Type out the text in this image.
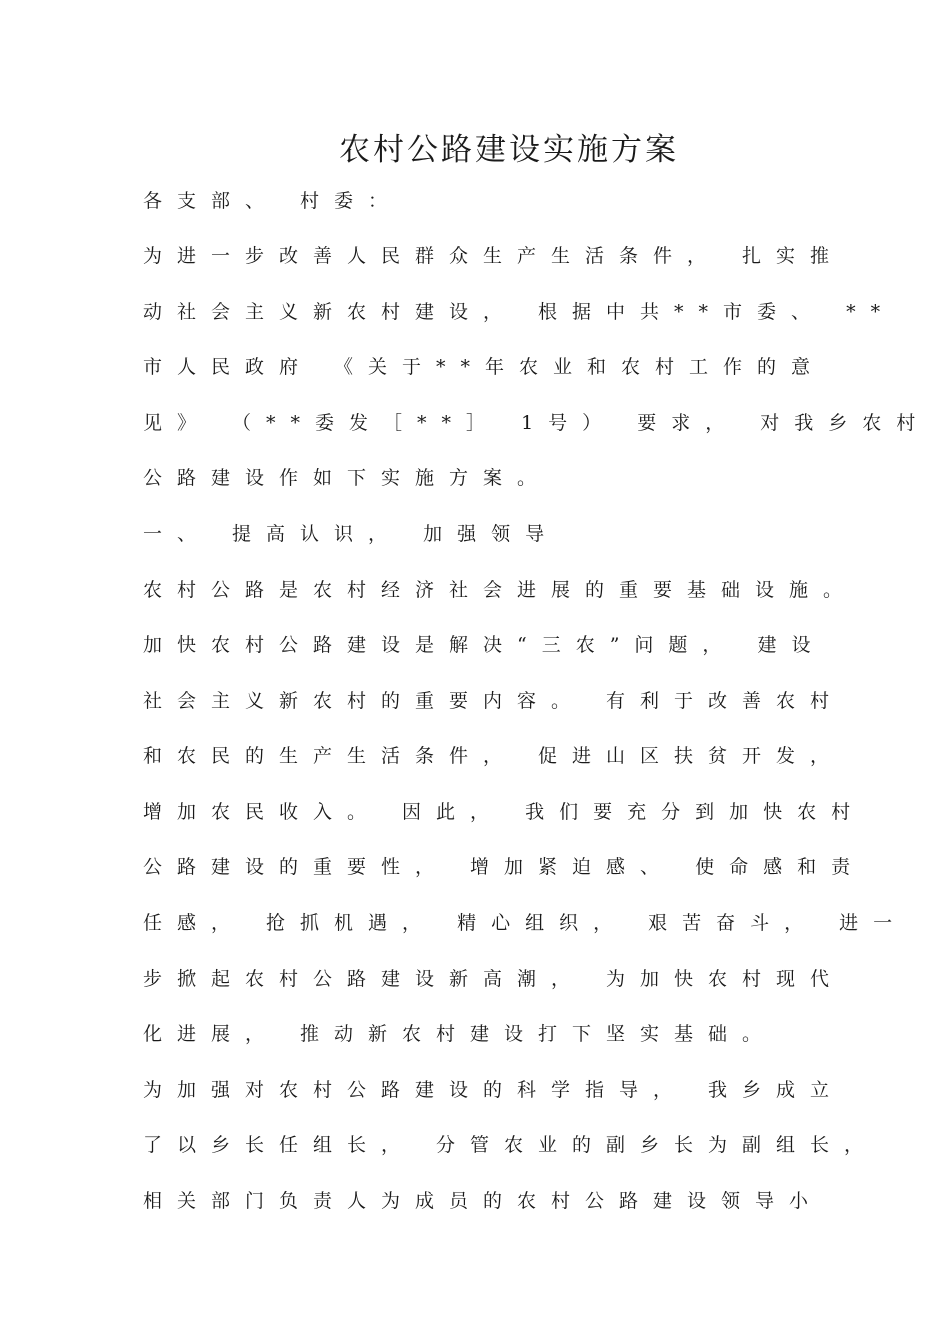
农村公路建设实施方案

各支部、 村委：

为进一步改善人民群众生产生活条件， 扎实推

动社会主义新农村建设， 根据中共**市委、 **

市人民政府 《关于**年农业和农村工作的意

见》 （**委发［**］ 1号） 要求， 对我乡农村

公路建设作如下实施方案。

一、 提高认识， 加强领导

农村公路是农村经济社会进展的重要基础设施。

加快农村公路建设是解决“三农”问题， 建设

社会主义新农村的重要内容。 有利于改善农村

和农民的生产生活条件， 促进山区扶贫开发，

增加农民收入。 因此， 我们要充分到加快农村

公路建设的重要性， 增加紧迫感、 使命感和责

任感， 抢抓机遇， 精心组织， 艰苦奋斗， 进一

步掀起农村公路建设新高潮， 为加快农村现代

化进展， 推动新农村建设打下坚实基础。

为加强对农村公路建设的科学指导， 我乡成立

了以乡长任组长， 分管农业的副乡长为副组长，

相关部门负责人为成员的农村公路建设领导小
